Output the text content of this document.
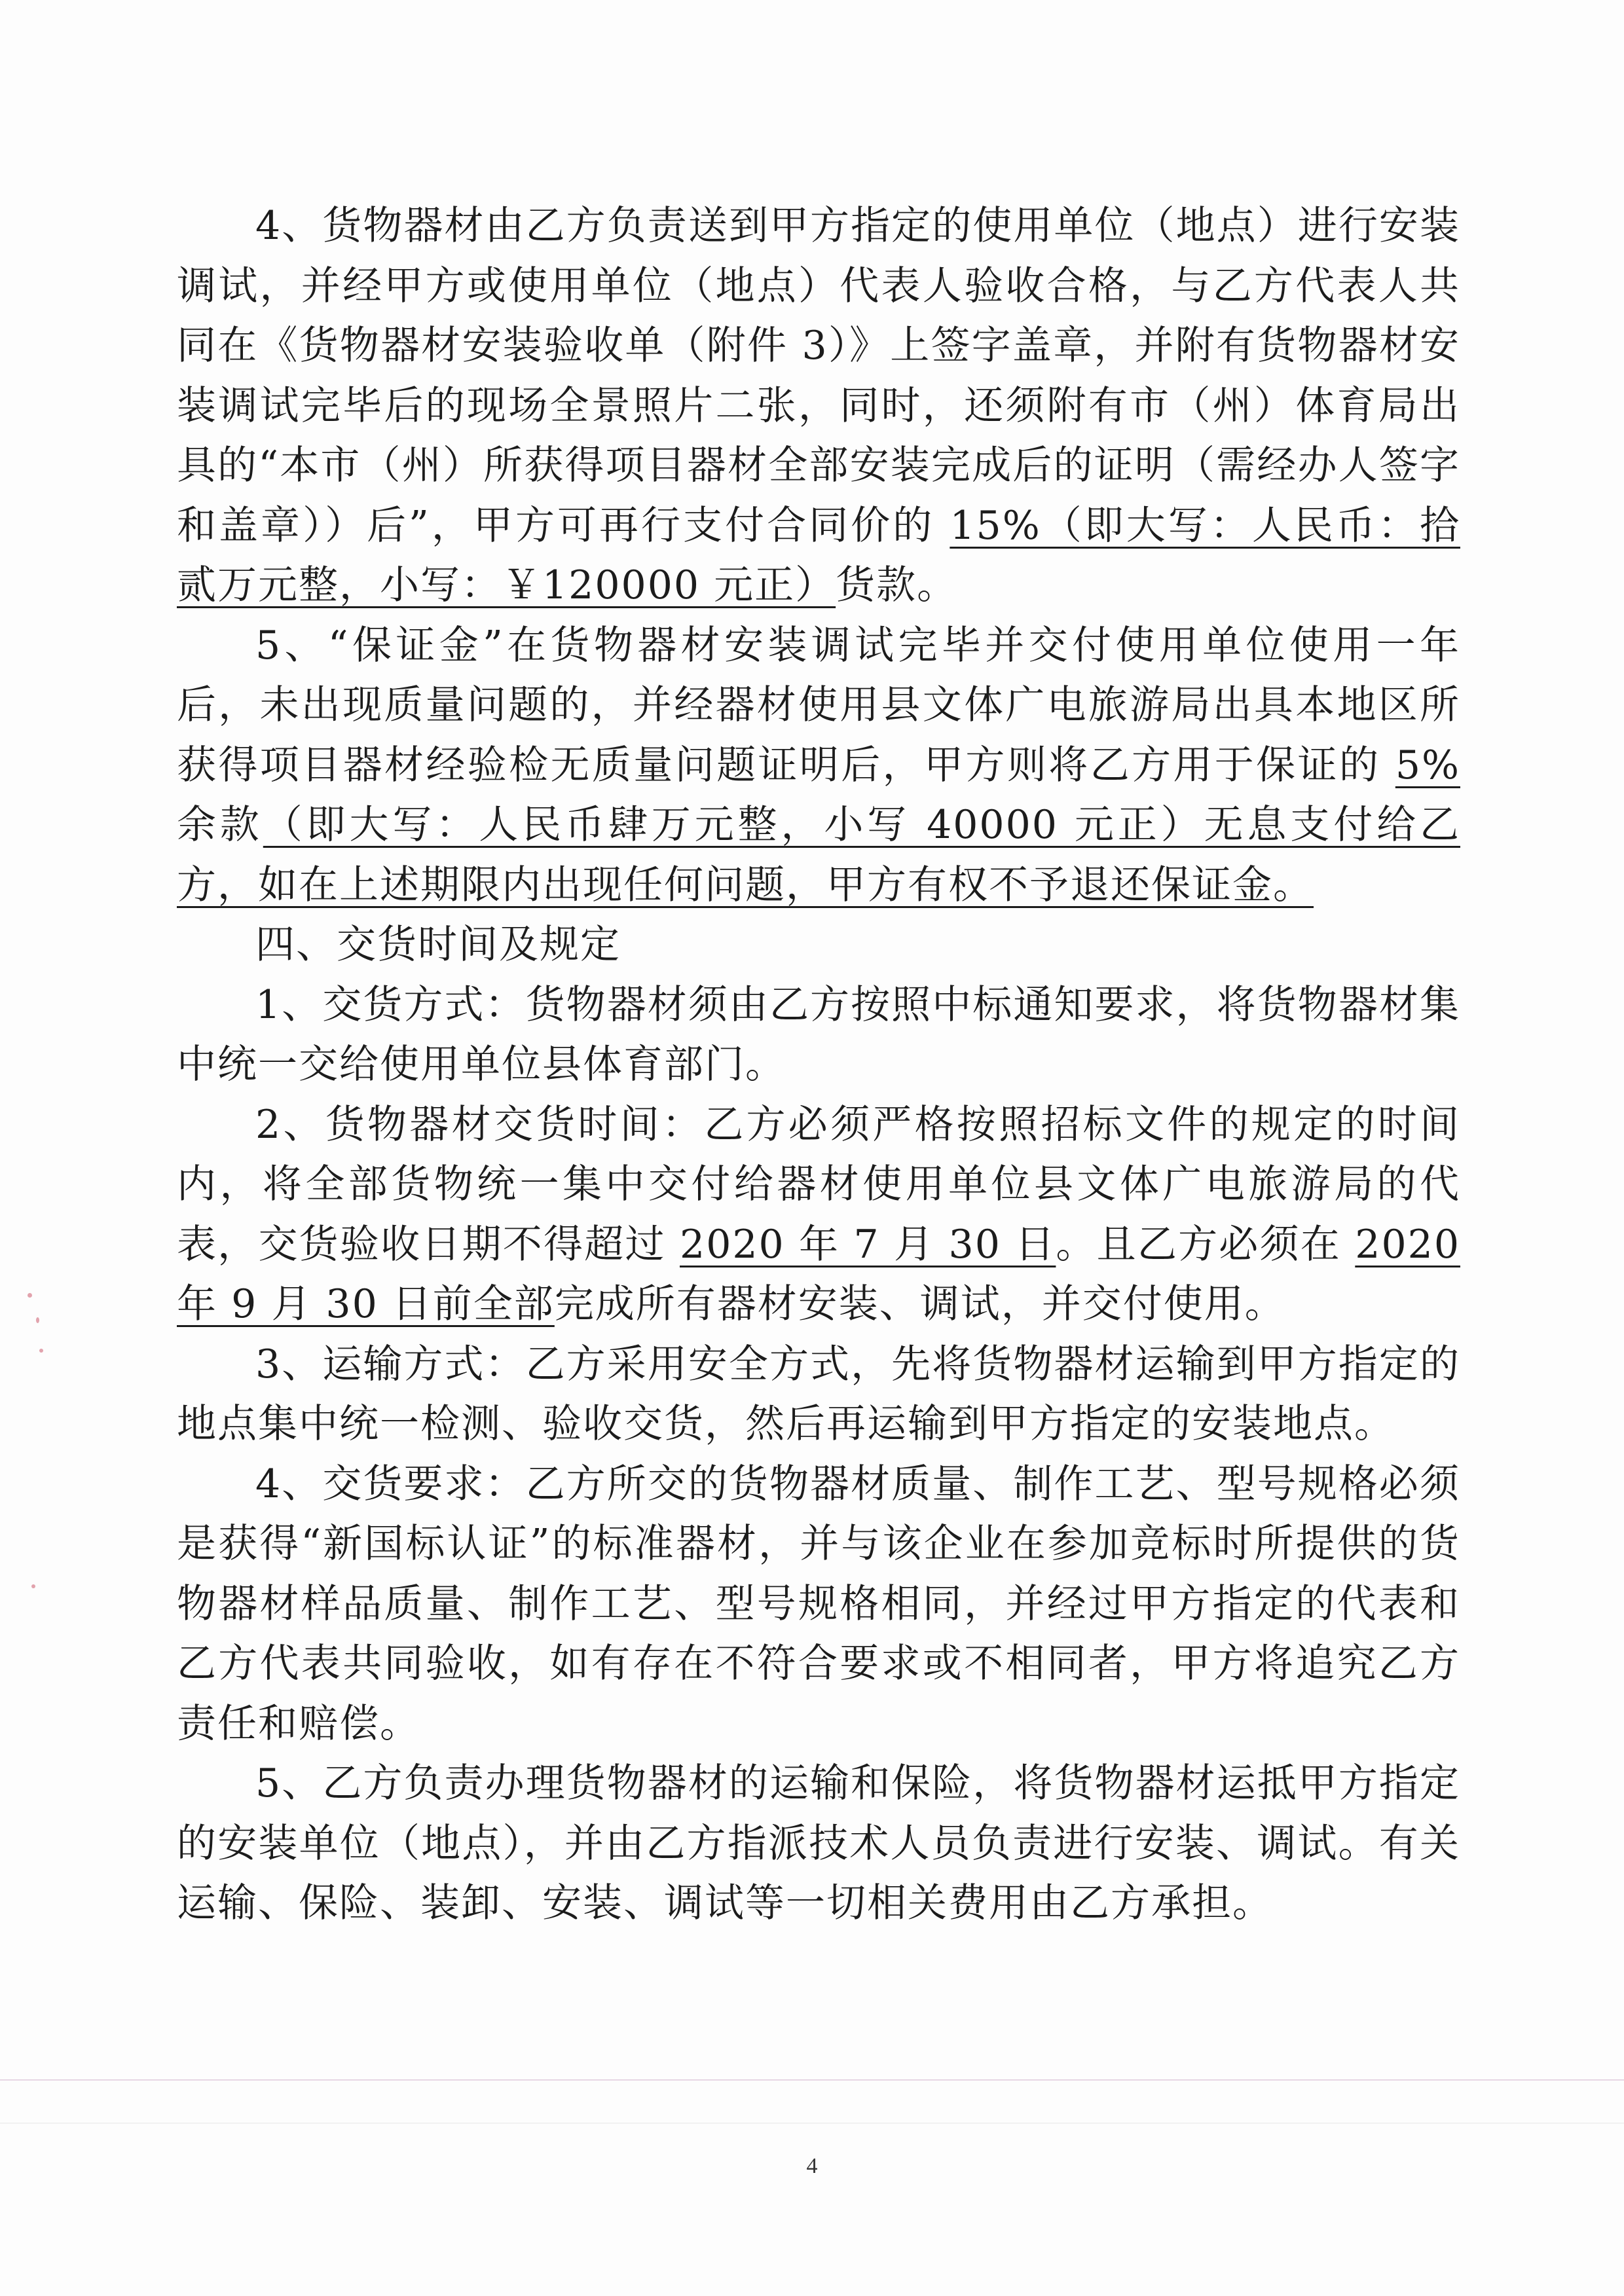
4、货物器材由乙方负责送到甲方指定的使用单位（地点）进行安装调试，并经甲方或使用单位（地点）代表人验收合格，与乙方代表人共同在《货物器材安装验收单（附件 3）》上签字盖章，并附有货物器材安装调试完毕后的现场全景照片二张，同时，还须附有市（州）体育局出具的“本市（州）所获得项目器材全部安装完成后的证明（需经办人签字和盖章））后”，甲方可再行支付合同价的 15%（即大写：人民币：拾贰万元整，小写：￥120000 元正）货款。

5、“保证金”在货物器材安装调试完毕并交付使用单位使用一年后，未出现质量问题的，并经器材使用县文体广电旅游局出具本地区所获得项目器材经验检无质量问题证明后，甲方则将乙方用于保证的 5%余款（即大写：人民币肆万元整，小写 40000 元正）无息支付给乙方，如在上述期限内出现任何问题，甲方有权不予退还保证金。

四、交货时间及规定

1、交货方式：货物器材须由乙方按照中标通知要求，将货物器材集中统一交给使用单位县体育部门。

2、货物器材交货时间：乙方必须严格按照招标文件的规定的时间内，将全部货物统一集中交付给器材使用单位县文体广电旅游局的代表，交货验收日期不得超过 2020 年 7 月 30 日。且乙方必须在 2020 年 9 月 30 日前全部完成所有器材安装、调试，并交付使用。

3、运输方式：乙方采用安全方式，先将货物器材运输到甲方指定的地点集中统一检测、验收交货，然后再运输到甲方指定的安装地点。

4、交货要求：乙方所交的货物器材质量、制作工艺、型号规格必须是获得“新国标认证”的标准器材，并与该企业在参加竞标时所提供的货物器材样品质量、制作工艺、型号规格相同，并经过甲方指定的代表和乙方代表共同验收，如有存在不符合要求或不相同者，甲方将追究乙方责任和赔偿。

5、乙方负责办理货物器材的运输和保险，将货物器材运抵甲方指定的安装单位（地点），并由乙方指派技术人员负责进行安装、调试。有关运输、保险、装卸、安装、调试等一切相关费用由乙方承担。

4
